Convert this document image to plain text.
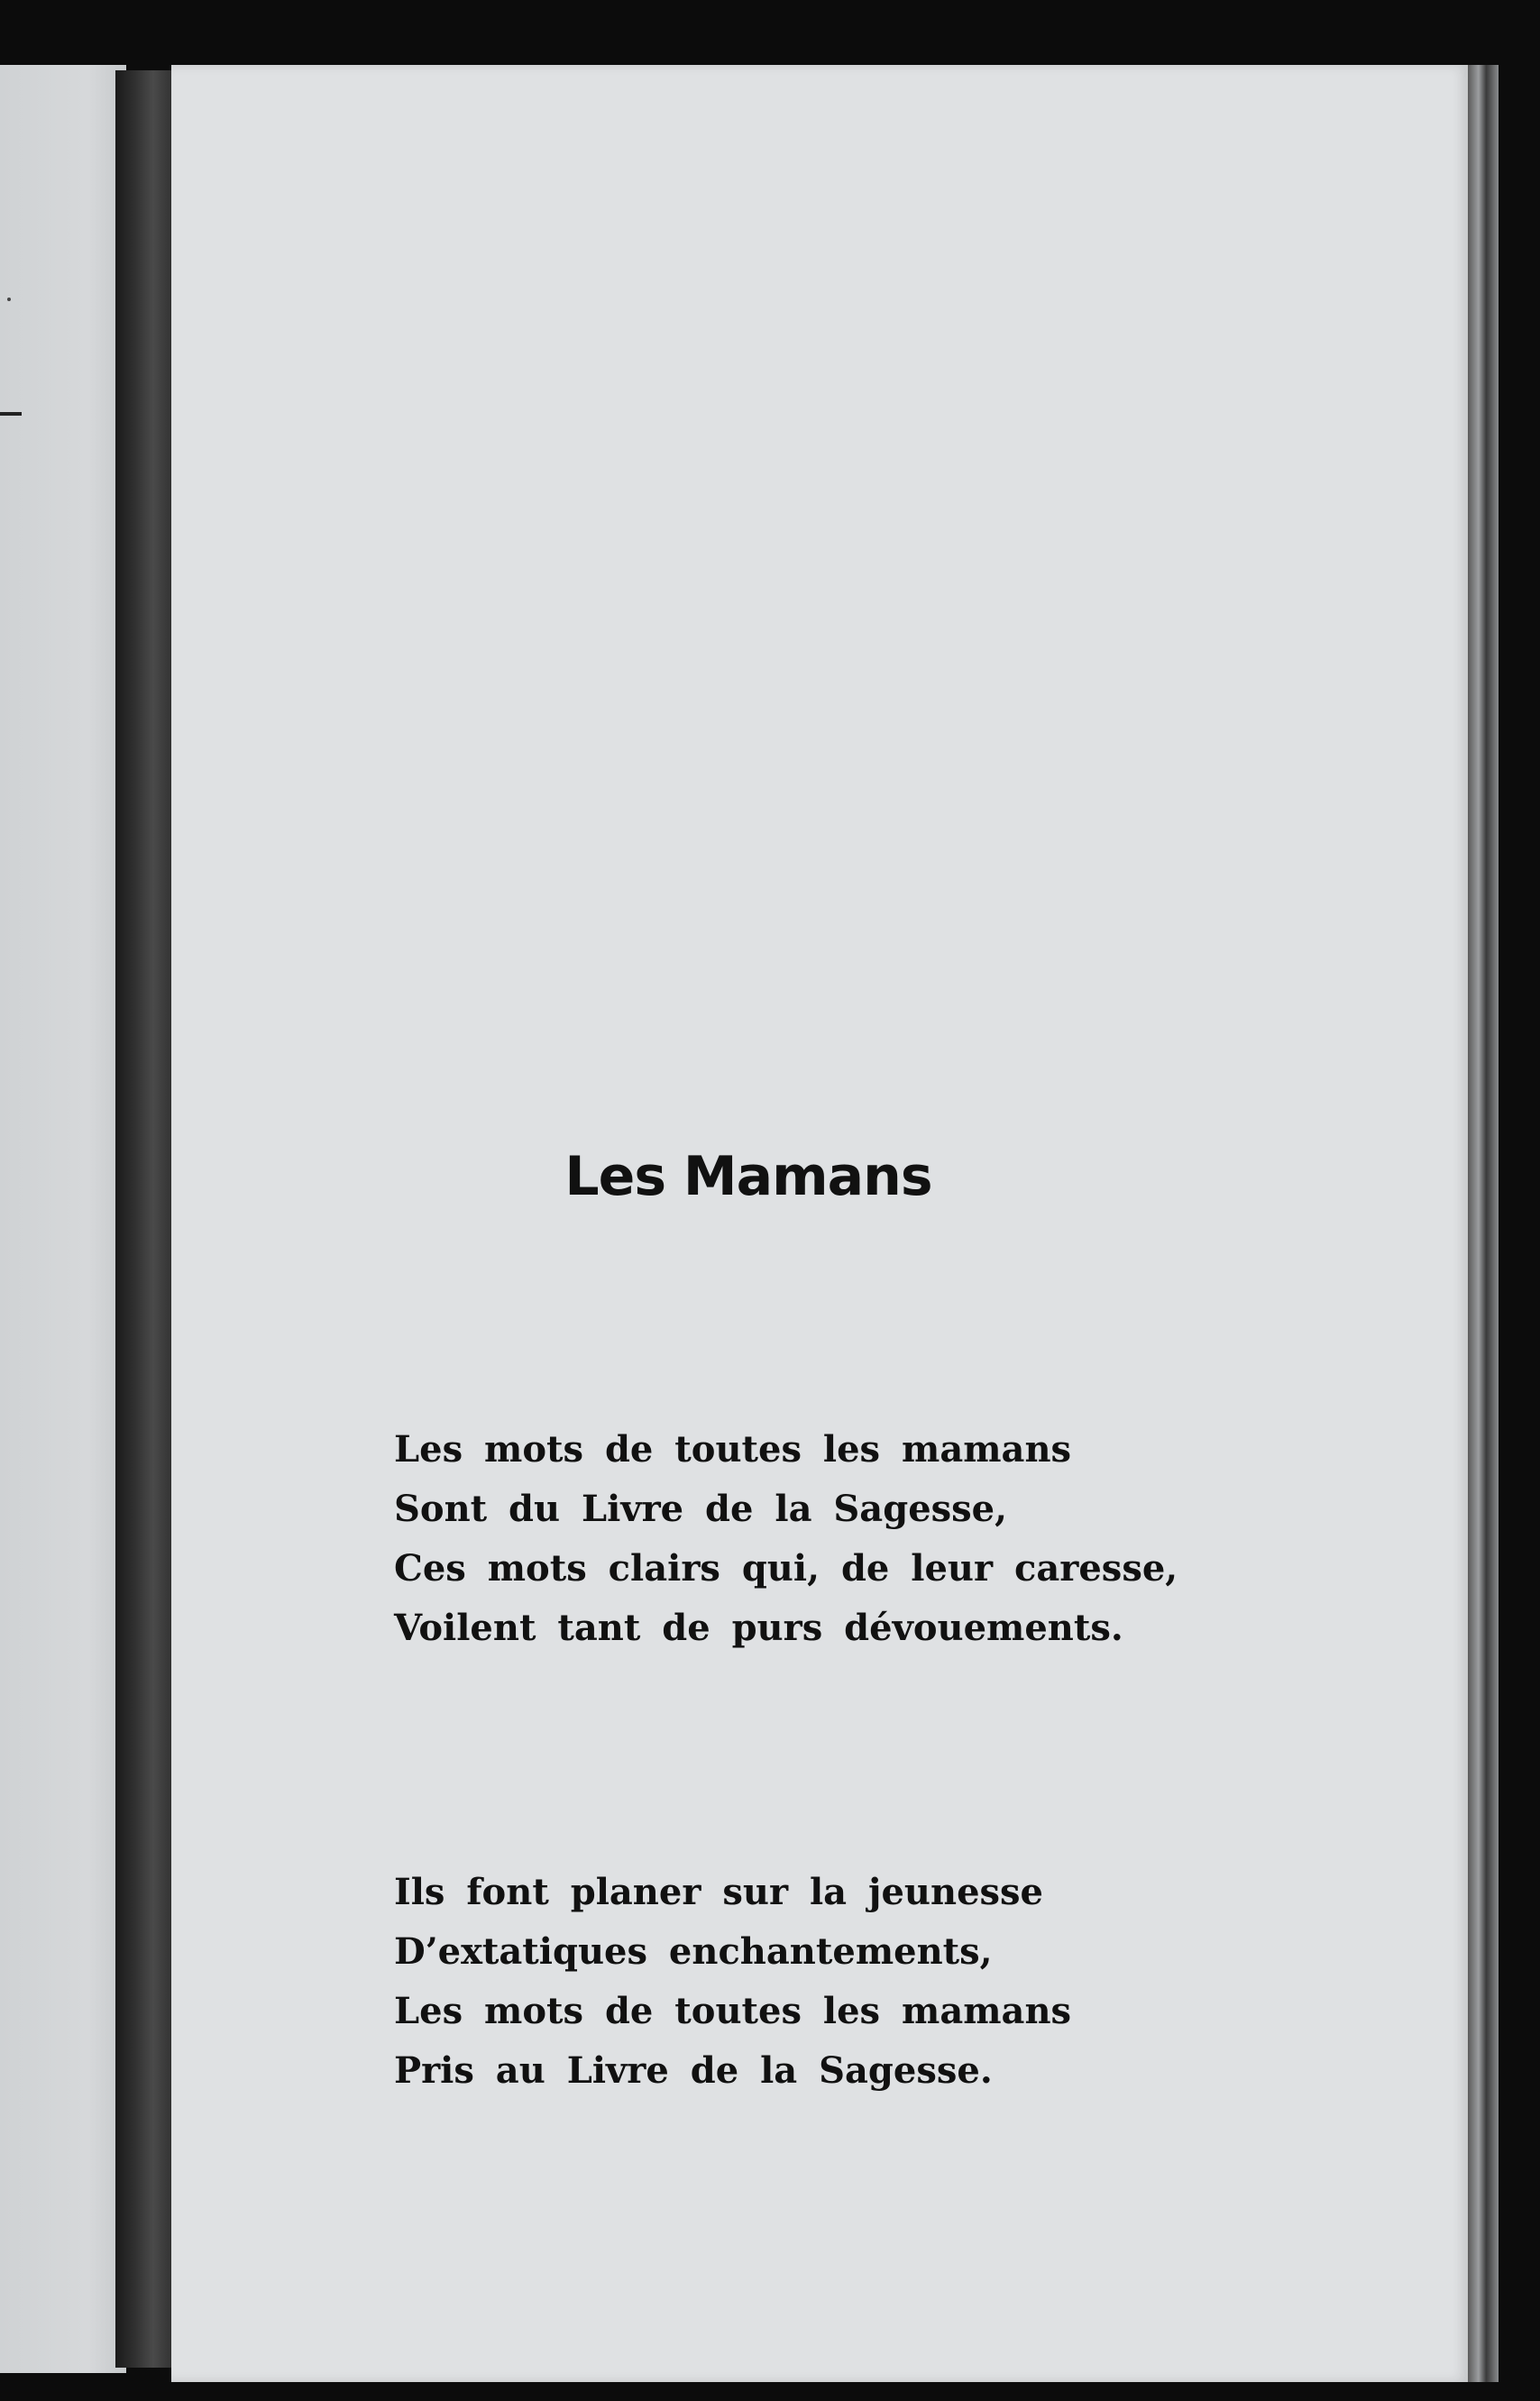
Les Mamans

Les mots de toutes les mamans
Sont du Livre de la Sagesse,
Ces mots clairs qui, de leur caresse,
Voilent tant de purs dévouements.

Ils font planer sur la jeunesse
D’extatiques enchantements,
Les mots de toutes les mamans
Pris au Livre de la Sagesse.
